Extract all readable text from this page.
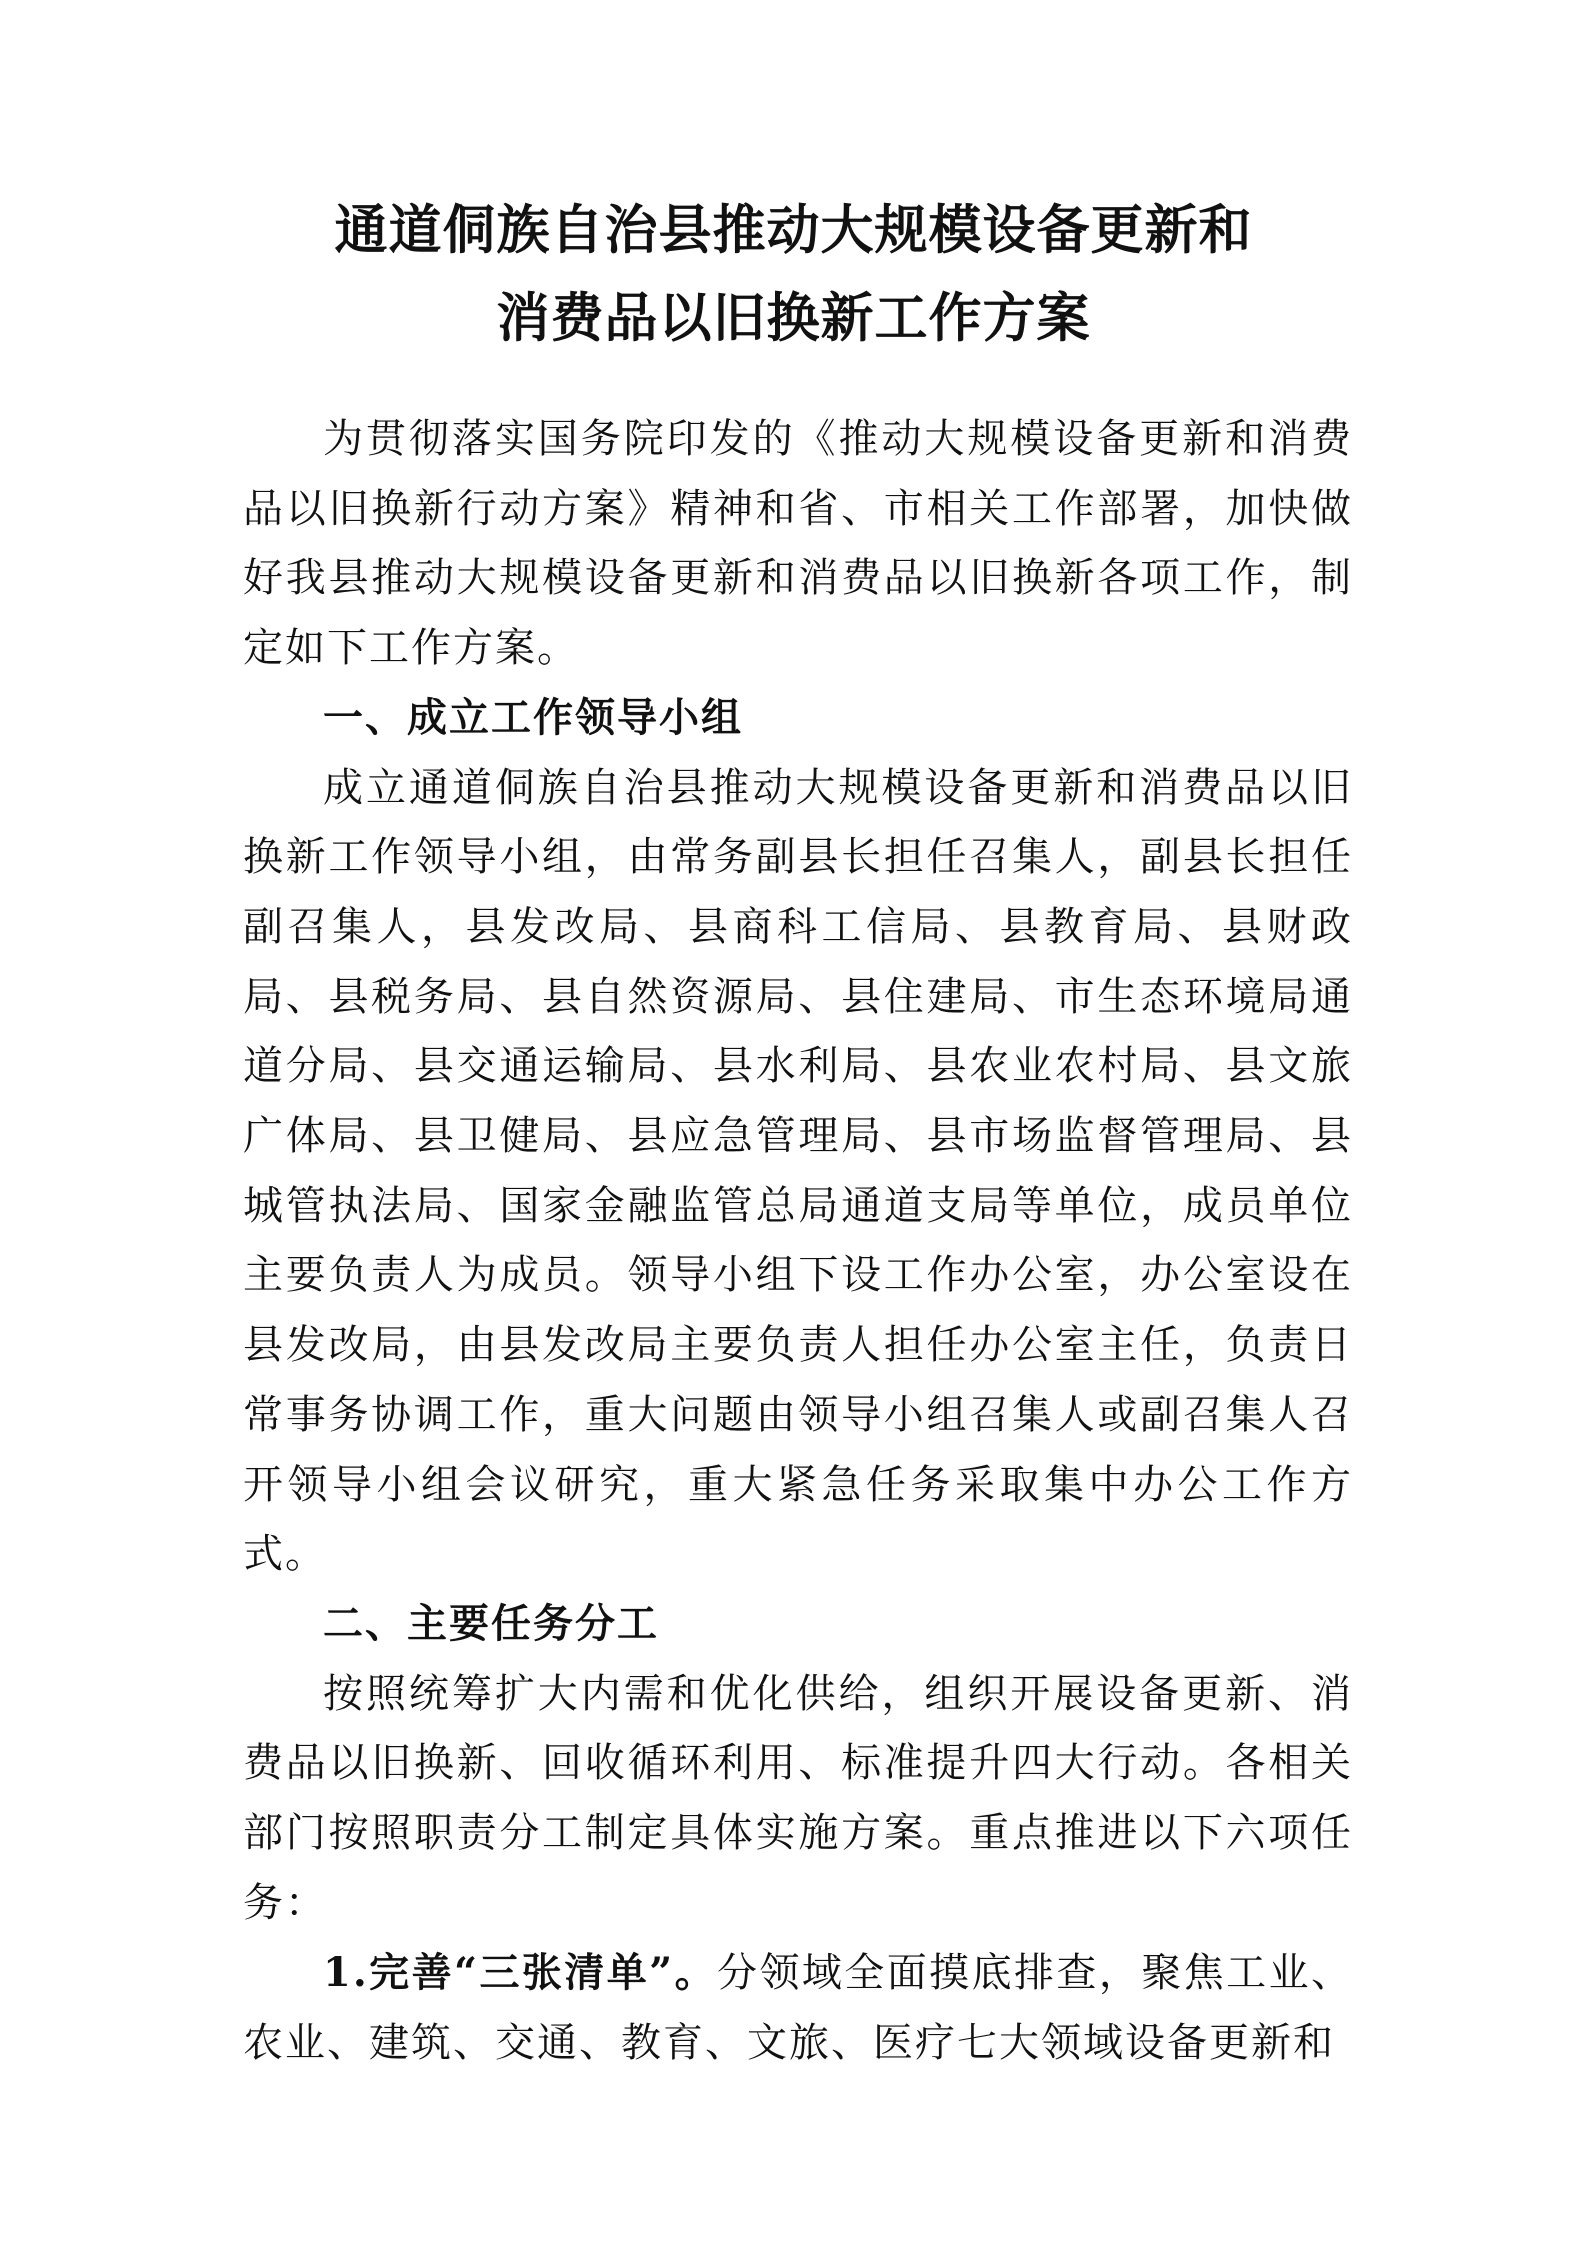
通道侗族自治县推动大规模设备更新和
消费品以旧换新工作方案

为贯彻落实国务院印发的《推动大规模设备更新和消费品以旧换新行动方案》精神和省、市相关工作部署，加快做好我县推动大规模设备更新和消费品以旧换新各项工作，制定如下工作方案。

一、成立工作领导小组

成立通道侗族自治县推动大规模设备更新和消费品以旧换新工作领导小组，由常务副县长担任召集人，副县长担任副召集人，县发改局、县商科工信局、县教育局、县财政局、县税务局、县自然资源局、县住建局、市生态环境局通道分局、县交通运输局、县水利局、县农业农村局、县文旅广体局、县卫健局、县应急管理局、县市场监督管理局、县城管执法局、国家金融监管总局通道支局等单位，成员单位主要负责人为成员。领导小组下设工作办公室，办公室设在县发改局，由县发改局主要负责人担任办公室主任，负责日常事务协调工作，重大问题由领导小组召集人或副召集人召开领导小组会议研究，重大紧急任务采取集中办公工作方式。

二、主要任务分工

按照统筹扩大内需和优化供给，组织开展设备更新、消费品以旧换新、回收循环利用、标准提升四大行动。各相关部门按照职责分工制定具体实施方案。重点推进以下六项任务：

1.完善“三张清单”。分领域全面摸底排查，聚焦工业、农业、建筑、交通、教育、文旅、医疗七大领域设备更新和
